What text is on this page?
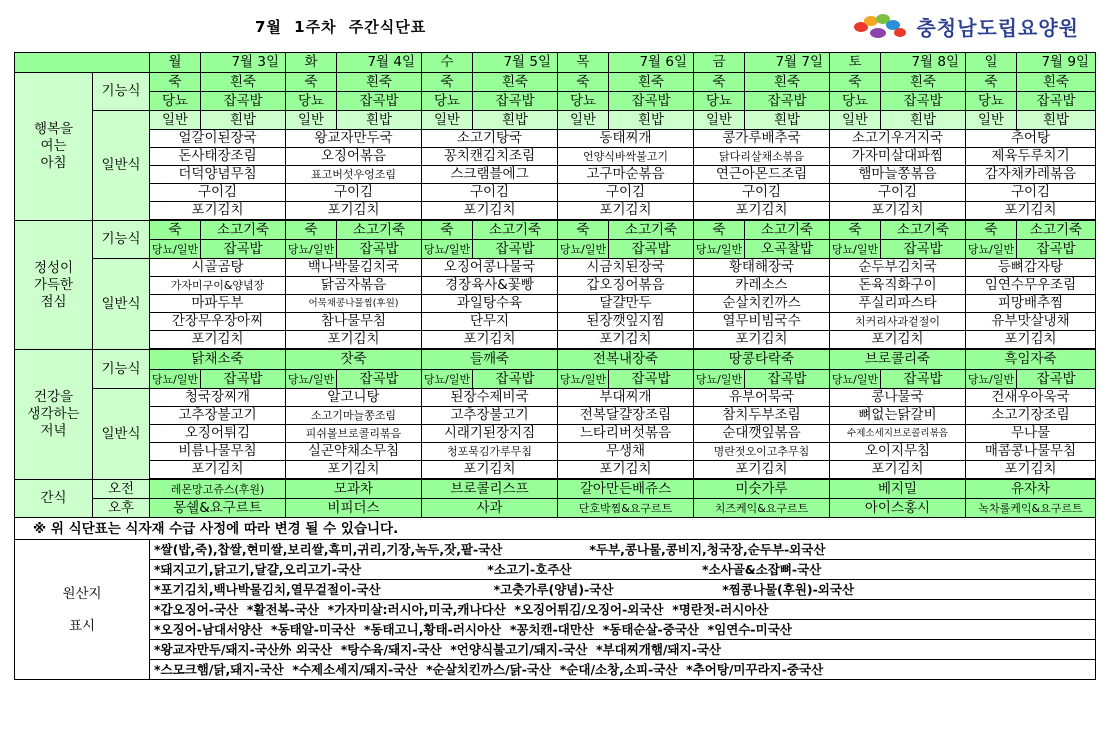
7월 1주차 주간식단표	충청남도립요양원
		월	7월 3일	화	7월 4일	수	7월 5일	목	7월 6일	금	7월 7일	토	7월 8일	일	7월 9일

행복을
여는
아침	기능식	죽	흰죽	죽	흰죽	죽	흰죽	죽	흰죽	죽	흰죽	죽	흰죽	죽	흰죽
		당뇨	잡곡밥	당뇨	잡곡밥	당뇨	잡곡밥	당뇨	잡곡밥	당뇨	잡곡밥	당뇨	잡곡밥	당뇨	잡곡밥
	일반식	일반	흰밥	일반	흰밥	일반	흰밥	일반	흰밥	일반	흰밥	일반	흰밥	일반	흰밥
		얼갈이된장국		왕교자만두국		소고기탕국		동태찌개		콩가루배추국		소고기우거지국		추어탕	
		돈사태장조림		오징어볶음		꽁치캔김치조림		언양식바싹불고기		닭다리살채소볶음		가자미살대파찜		제육두루치기	
		더덕양념무침		표고버섯우엉조림		스크램블에그		고구마순볶음		연근아몬드조림		햄마늘쫑볶음		감자채카레볶음	
		구이김		구이김		구이김		구이김		구이김		구이김		구이김	
		포기김치		포기김치		포기김치		포기김치		포기김치		포기김치		포기김치	

정성이
가득한
점심	기능식	죽	소고기죽	죽	소고기죽	죽	소고기죽	죽	소고기죽	죽	소고기죽	죽	소고기죽	죽	소고기죽
		당뇨/일반	잡곡밥	당뇨/일반	잡곡밥	당뇨/일반	잡곡밥	당뇨/일반	잡곡밥	당뇨/일반	오곡찰밥	당뇨/일반	잡곡밥	당뇨/일반	잡곡밥
	일반식	시골곰탕		백나박물김치국		오징어콩나물국		시금치된장국		황태해장국		순두부김치국		등뼈감자탕	
		가자미구이&양념장		닭곰자볶음		경장육사&꽃빵		갑오징어볶음		카레소스		돈육직화구이		임연수무우조림	
		마파두부		어묵채콩나물찜(후원)		과일탕수육		달걀만두		순살치킨까스		푸실리파스타		피망배추찜	
		간장무우장아찌		참나물무침		단무지		된장깻잎지찜		열무비빔국수		치커리사과겉절이		유부맛살냉채	
		포기김치		포기김치		포기김치		포기김치		포기김치		포기김치		포기김치	

건강을
생각하는
저녁	기능식	닭채소죽		잣죽		들깨죽		전복내장죽		땅콩타락죽		브로콜리죽		흑임자죽	
		당뇨/일반	잡곡밥	당뇨/일반	잡곡밥	당뇨/일반	잡곡밥	당뇨/일반	잡곡밥	당뇨/일반	잡곡밥	당뇨/일반	잡곡밥	당뇨/일반	잡곡밥
	일반식	청국장찌개		알고니탕		된장수제비국		부대찌개		유부어묵국		콩나물국		건새우아욱국	
		고추장불고기		소고기마늘쫑조림		고추장불고기		전복달걀장조림		참치두부조림		뼈없는닭갈비		소고기장조림	
		오징어튀김		피쉬볼브로콜리볶음		시래기된장지짐		느타리버섯볶음		순대깻잎볶음		수제소세지브로콜리볶음		무나물	
		비름나물무침		실곤약채소무침		청포묵김가루무침		무생채		명란젓오이고추무침		오이지무침		매콤콩나물무침	
		포기김치		포기김치		포기김치		포기김치		포기김치		포기김치		포기김치	

간식	오전	레몬망고쥬스(후원)		모과차		브로콜리스프		갈아만든배쥬스		미숫가루		베지밀		유자차	
	오후	몽쉘&요구르트		비피더스		사과		단호박찜&요구르트		치즈케익&요구르트		아이스홍시		녹차롤케익&요구르트	
※ 위 식단표는 식자재 수급 사정에 따라 변경 될 수 있습니다.															

원산지
표시		*쌀(밥,죽),찹쌀,현미쌀,보리쌀,흑미,귀리,기장,녹두,잣,팥-국산                    *두부,콩나물,콩비지,청국장,순두부-외국산													
		*돼지고기,닭고기,달걀,오리고기-국산                             *소고기-호주산                              *소사골&소잡뼈-국산													
		*포기김치,백나박물김치,열무겉절이-국산                          *고춧가루(양념)-국산                         *찜콩나물(후원)-외국산													
		*갑오징어-국산  *활전복-국산  *가자미살:러시아,미국,캐나다산  *오징어튀김/오징어-외국산  *명란젓-러시아산													
		*오징어-남대서양산  *동태알-미국산  *동태고니,황태-러시아산  *꽁치캔-대만산  *동태순살-중국산  *임연수-미국산													
		*왕교자만두/돼지-국산外 외국산  *탕수육/돼지-국산  *언양식불고기/돼지-국산  *부대찌개햄/돼지-국산													
		*스모크햄/닭,돼지-국산  *수제소세지/돼지-국산  *순살치킨까스/닭-국산  *순대/소창,소피-국산  *추어탕/미꾸라지-중국산													
